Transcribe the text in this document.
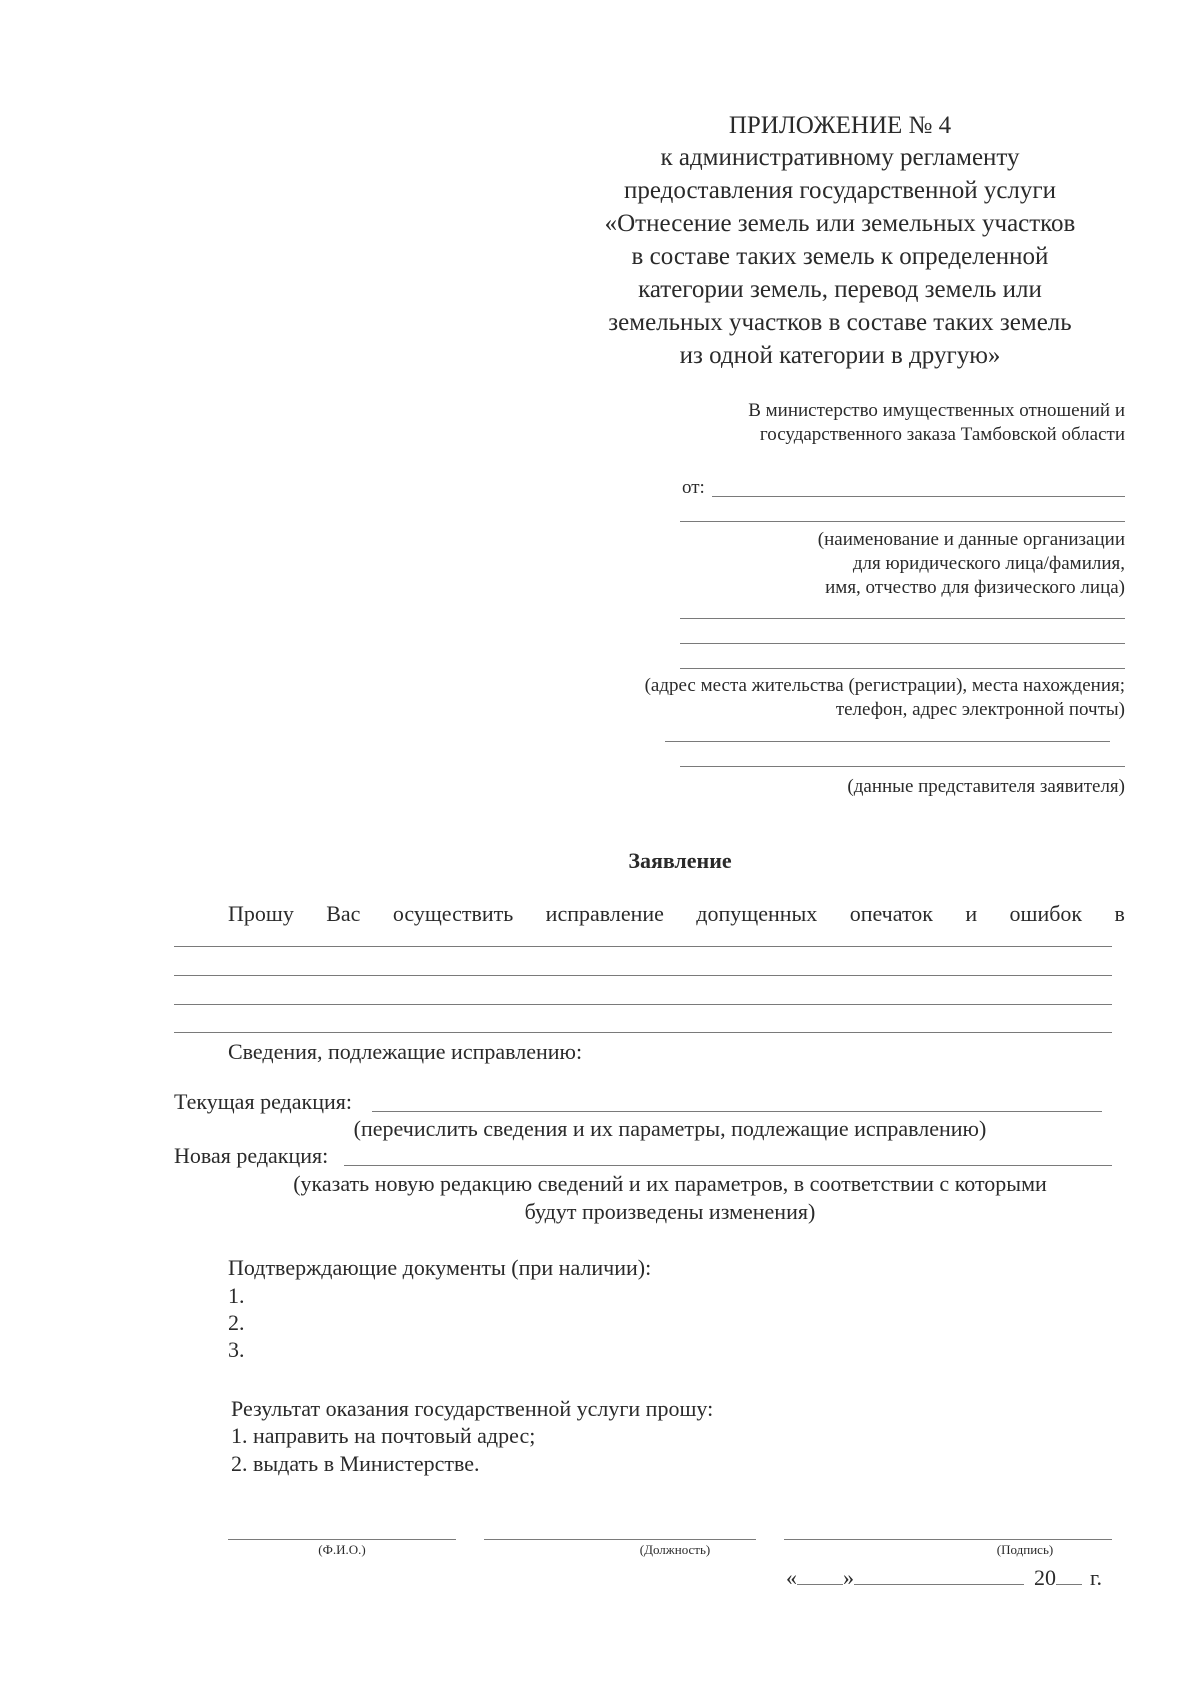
ПРИЛОЖЕНИЕ № 4
к административному регламенту
предоставления государственной услуги
«Отнесение земель или земельных участков
в составе таких земель к определенной
категории земель, перевод земель или
земельных участков в составе таких земель
из одной категории в другую»
В министерство имущественных отношений и
государственного заказа Тамбовской области
от:
(наименование и данные организации
для юридического лица/фамилия,
имя, отчество для физического лица)
(адрес места жительства (регистрации), места нахождения;
телефон, адрес электронной почты)
(данные представителя заявителя)
Заявление
Прошу Вас осуществить исправление допущенных опечаток и ошибок в
Сведения, подлежащие исправлению:
Текущая редакция:
(перечислить сведения и их параметры, подлежащие исправлению)
Новая редакция:
(указать новую редакцию сведений и их параметров, в соответствии с которыми
будут произведены изменения)
Подтверждающие документы (при наличии):
1.
2.
3.
Результат оказания государственной услуги прошу:
1. направить на почтовый адрес;
2. выдать в Министерстве.
(Ф.И.О.)	(Должность)	(Подпись)
« »	20 г.
